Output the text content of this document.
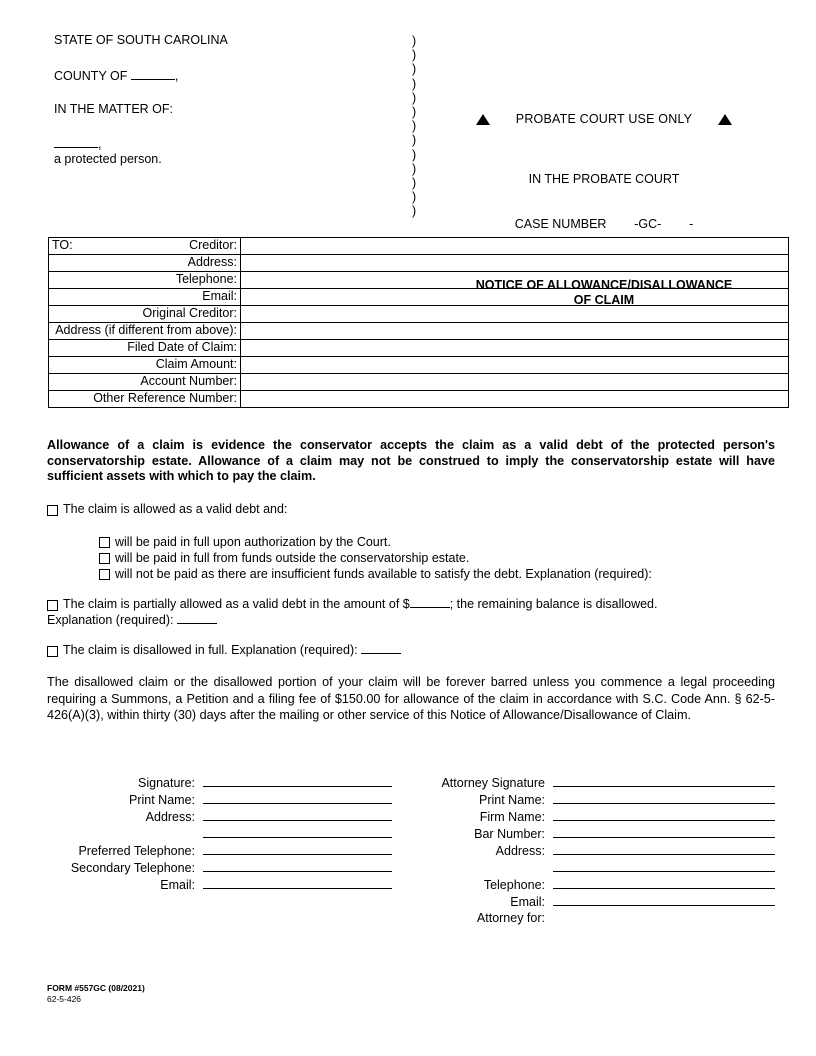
STATE OF SOUTH CAROLINA
COUNTY OF	,
IN THE MATTER OF:
,
a protected person.
)
)
)
)
)
)
)
)
)
)
)
)
)
PROBATE COURT USE ONLY

IN THE PROBATE COURT

CASE NUMBER        -GC-        -

NOTICE OF ALLOWANCE/DISALLOWANCE
OF CLAIM
TO: Creditor:	
Address:	
Telephone:	
Email:	
Original Creditor:	
Address (if different from above):	
Filed Date of Claim:	
Claim Amount:	
Account Number:	
Other Reference Number:	
Allowance of a claim is evidence the conservator accepts the claim as a valid debt of the protected person's conservatorship estate. Allowance of a claim may not be construed to imply the conservatorship estate will have sufficient assets with which to pay the claim.
The claim is allowed as a valid debt and:
will be paid in full upon authorization by the Court.
will be paid in full from funds outside the conservatorship estate.
will not be paid as there are insufficient funds available to satisfy the debt. Explanation (required):
The claim is partially allowed as a valid debt in the amount of $	; the remaining balance is disallowed.
Explanation (required):
The claim is disallowed in full. Explanation (required):
The disallowed claim or the disallowed portion of your claim will be forever barred unless you commence a legal proceeding requiring a Summons, a Petition and a filing fee of $150.00 for allowance of the claim in accordance with S.C. Code Ann. § 62-5-426(A)(3), within thirty (30) days after the mailing or other service of this Notice of Allowance/Disallowance of Claim.
Signature:
Print Name:
Address:
Preferred Telephone:
Secondary Telephone:
Email:
Attorney Signature
Print Name:
Firm Name:
Bar Number:
Address:
Telephone:
Email:
Attorney for:
FORM #557GC (08/2021)
62-5-426
